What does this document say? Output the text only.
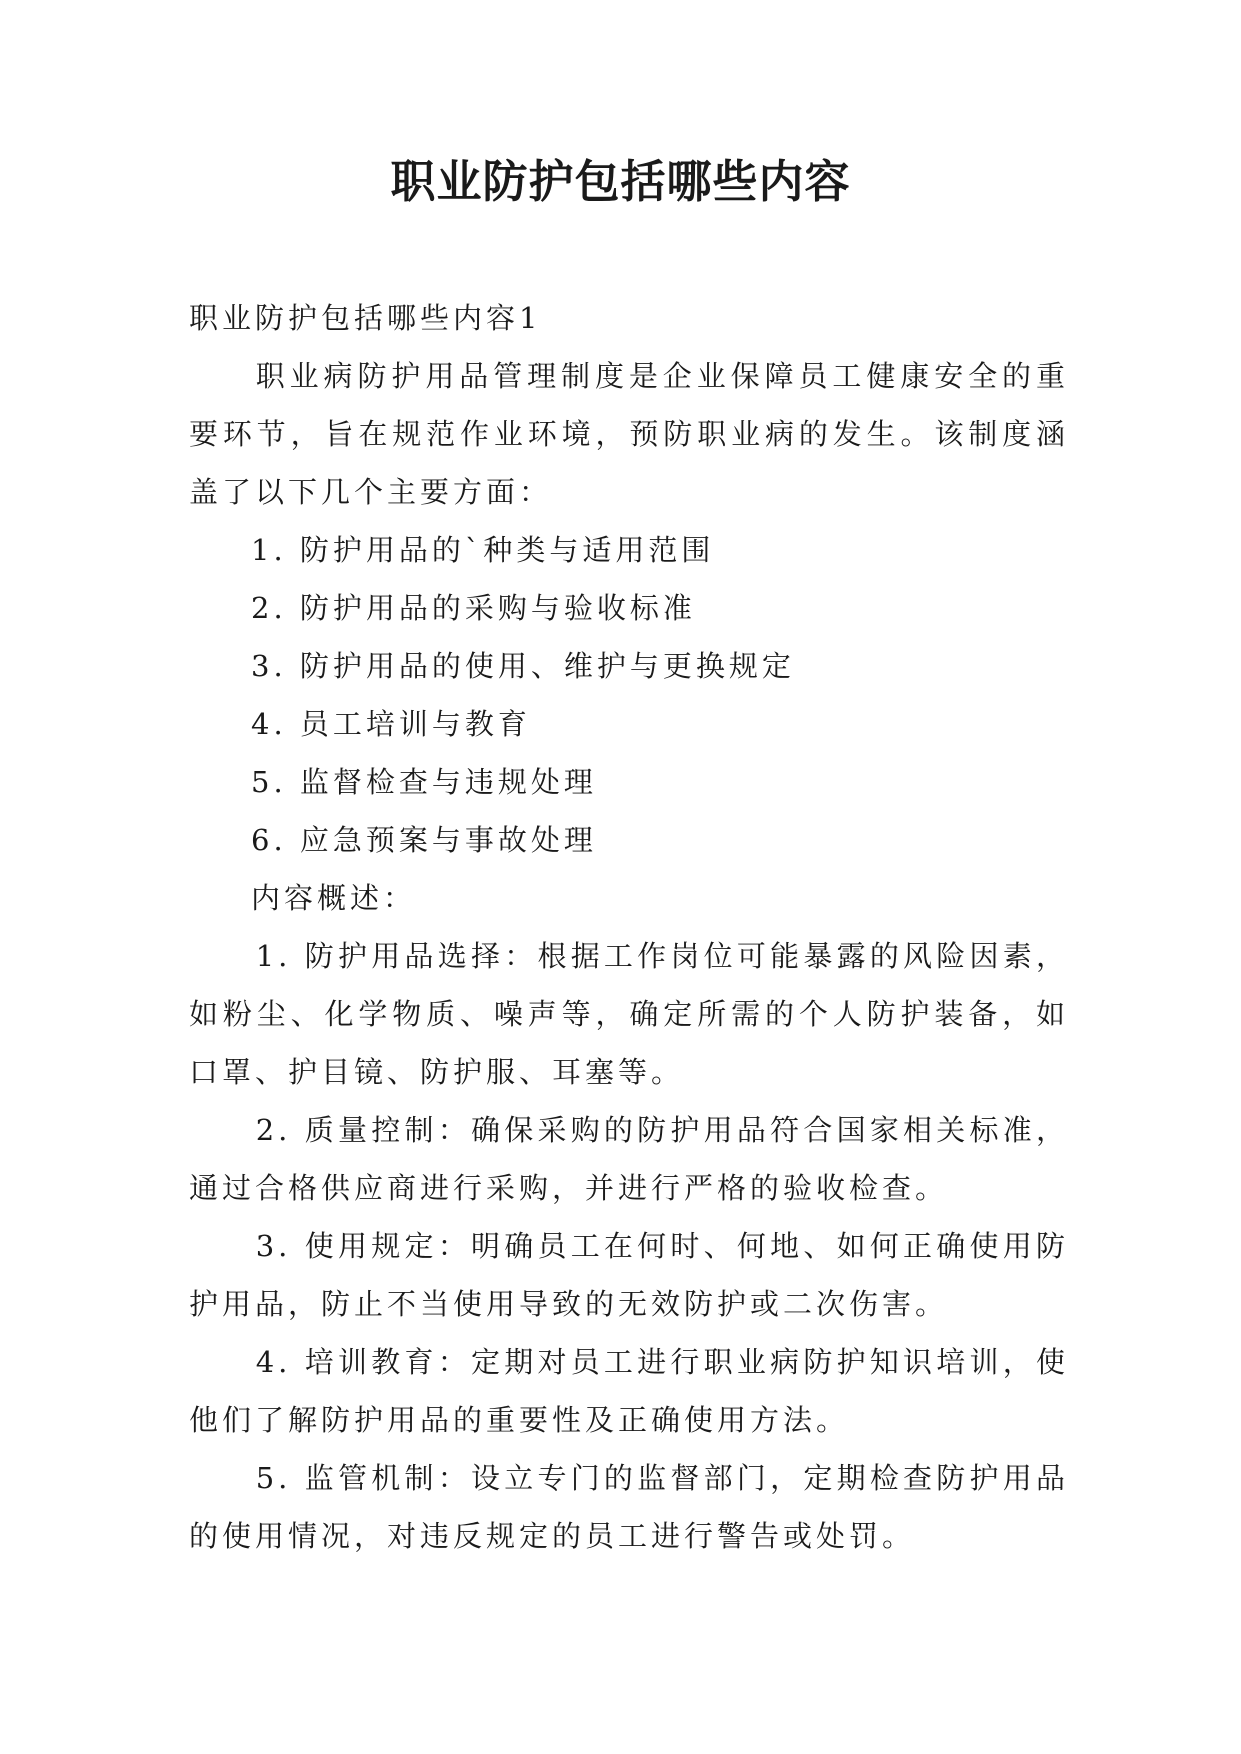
职业防护包括哪些内容

职业防护包括哪些内容1

职业病防护用品管理制度是企业保障员工健康安全的重要环节，旨在规范作业环境，预防职业病的发生。该制度涵盖了以下几个主要方面：

1. 防护用品的`种类与适用范围

2. 防护用品的采购与验收标准

3. 防护用品的使用、维护与更换规定

4. 员工培训与教育

5. 监督检查与违规处理

6. 应急预案与事故处理

内容概述：

1. 防护用品选择：根据工作岗位可能暴露的风险因素，如粉尘、化学物质、噪声等，确定所需的个人防护装备，如口罩、护目镜、防护服、耳塞等。

2. 质量控制：确保采购的防护用品符合国家相关标准，通过合格供应商进行采购，并进行严格的验收检查。

3. 使用规定：明确员工在何时、何地、如何正确使用防护用品，防止不当使用导致的无效防护或二次伤害。

4. 培训教育：定期对员工进行职业病防护知识培训，使他们了解防护用品的重要性及正确使用方法。

5. 监管机制：设立专门的监督部门，定期检查防护用品的使用情况，对违反规定的员工进行警告或处罚。
